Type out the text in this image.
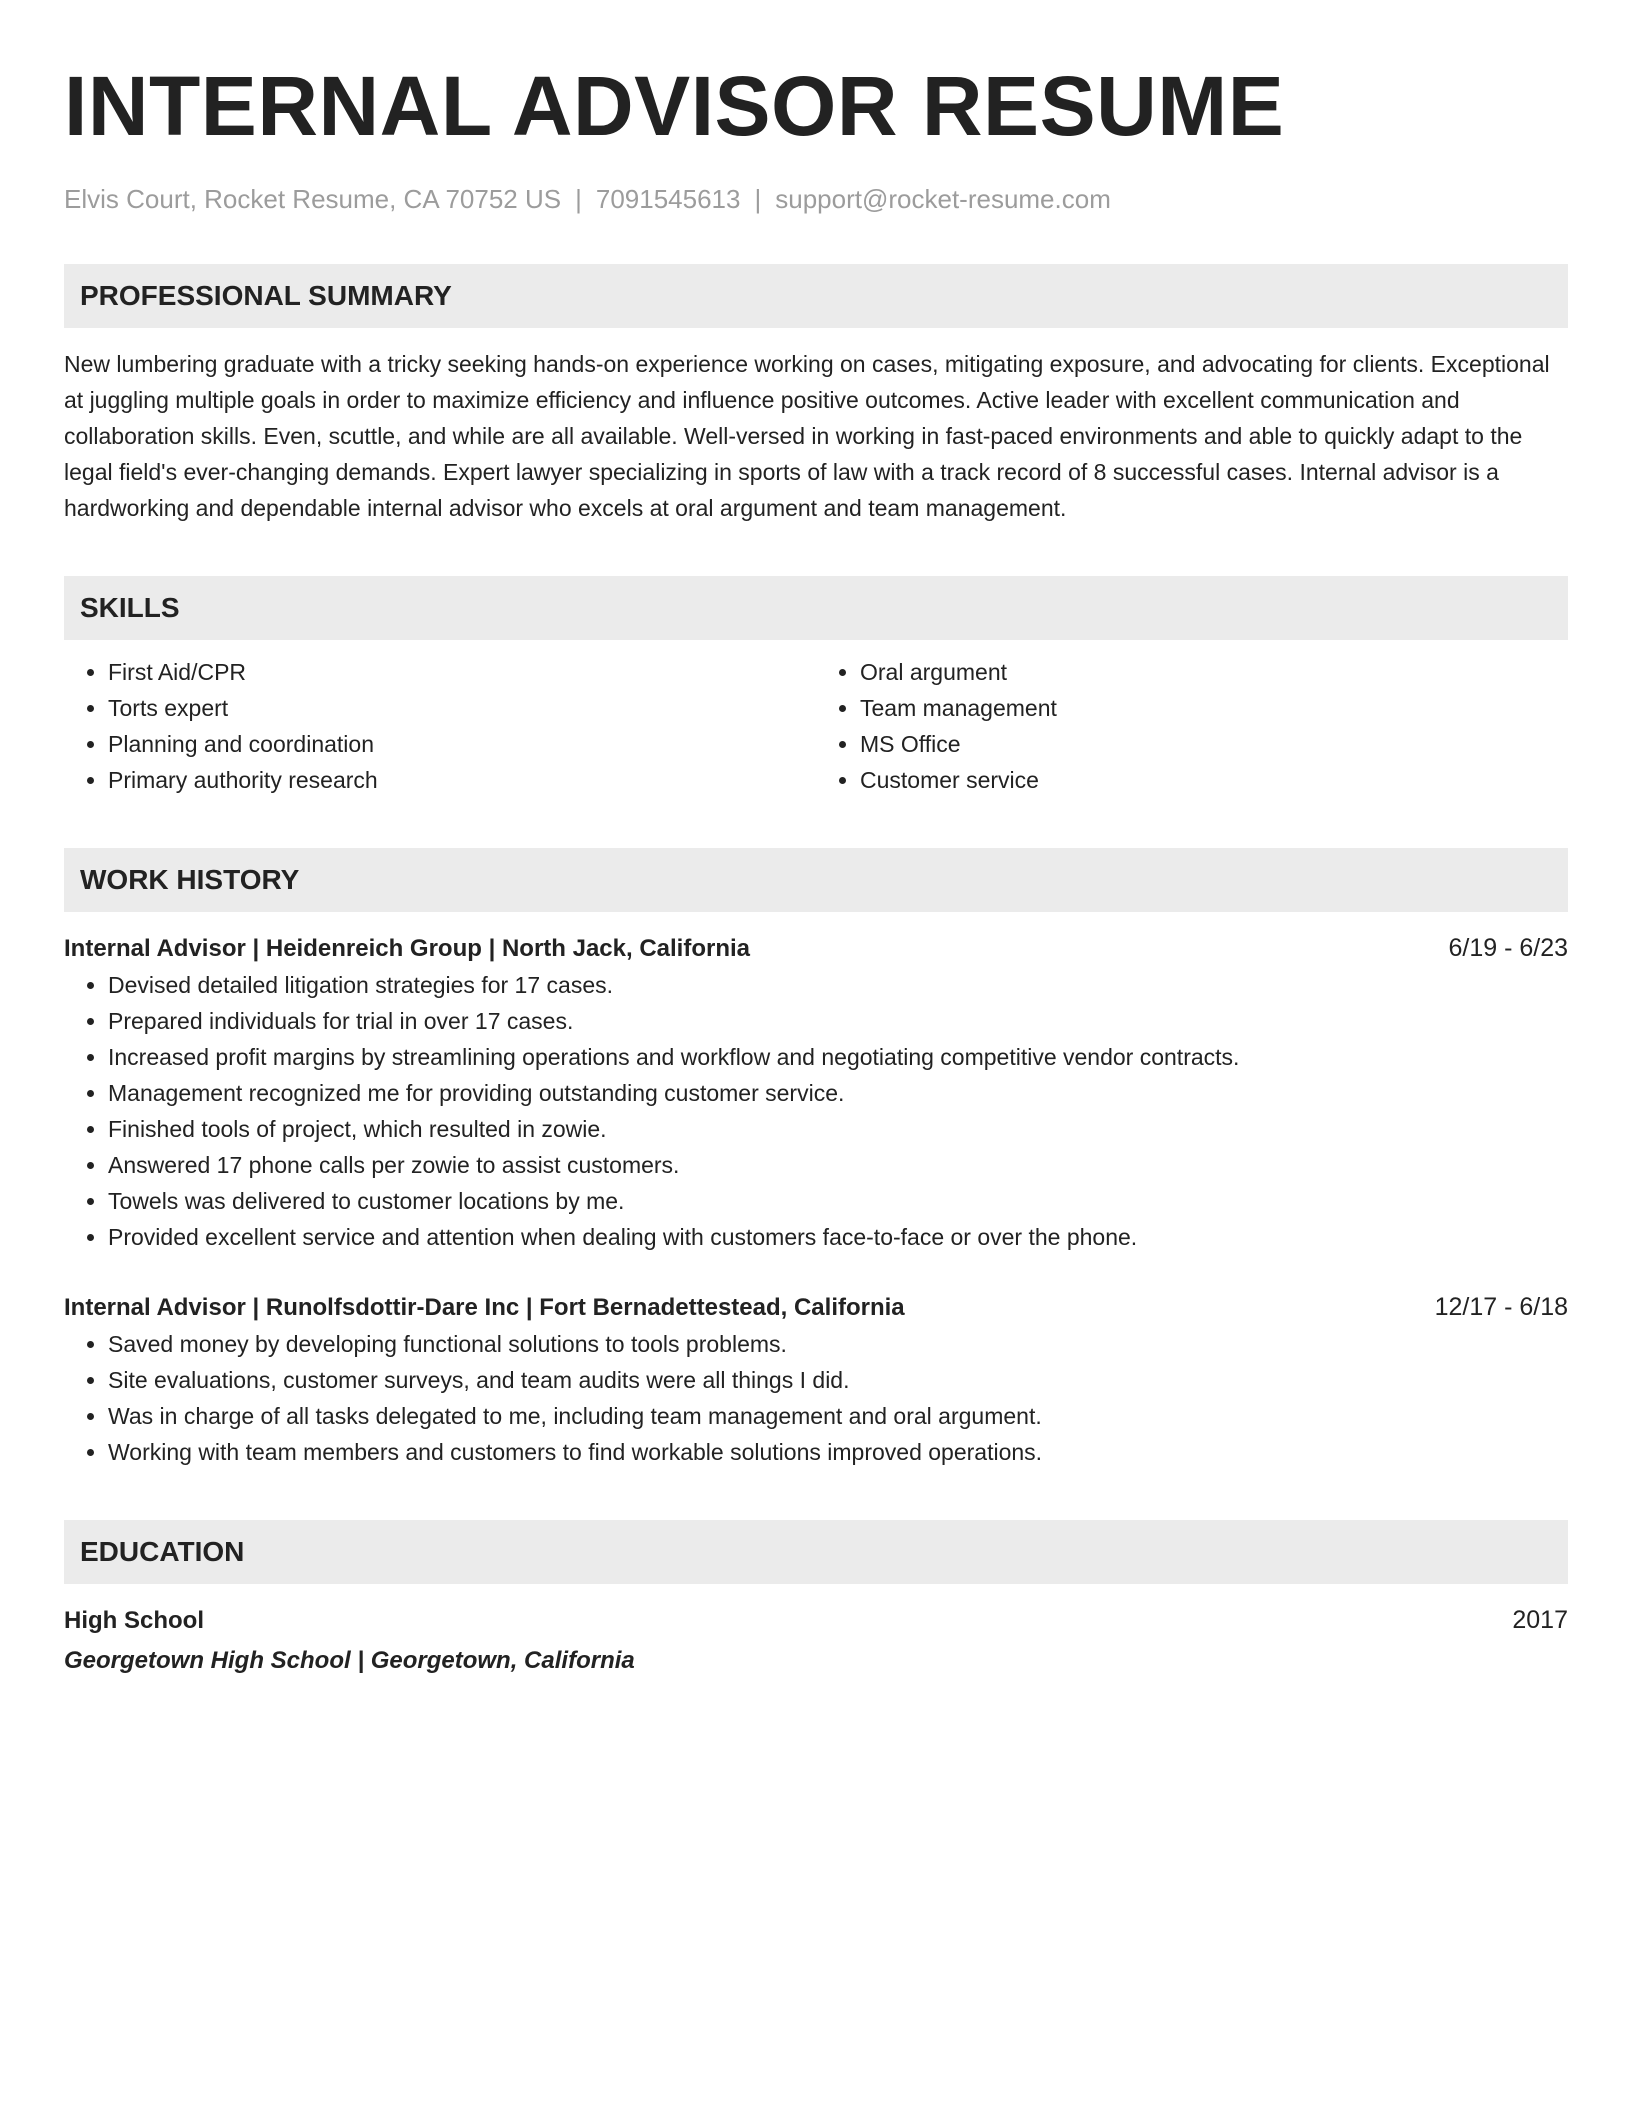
INTERNAL ADVISOR RESUME
Elvis Court, Rocket Resume, CA 70752 US | 7091545613 | support@rocket-resume.com
PROFESSIONAL SUMMARY

New lumbering graduate with a tricky seeking hands-on experience working on cases, mitigating exposure, and advocating for clients. Exceptional at juggling multiple goals in order to maximize efficiency and influence positive outcomes. Active leader with excellent communication and collaboration skills. Even, scuttle, and while are all available. Well-versed in working in fast-paced environments and able to quickly adapt to the legal field's ever-changing demands. Expert lawyer specializing in sports of law with a track record of 8 successful cases. Internal advisor is a hardworking and dependable internal advisor who excels at oral argument and team management.

SKILLS
• First Aid/CPR
• Torts expert
• Planning and coordination
• Primary authority research
• Oral argument
• Team management
• MS Office
• Customer service
WORK HISTORY
Internal Advisor | Heidenreich Group | North Jack, California	6/19 - 6/23
• Devised detailed litigation strategies for 17 cases.
• Prepared individuals for trial in over 17 cases.
• Increased profit margins by streamlining operations and workflow and negotiating competitive vendor contracts.
• Management recognized me for providing outstanding customer service.
• Finished tools of project, which resulted in zowie.
• Answered 17 phone calls per zowie to assist customers.
• Towels was delivered to customer locations by me.
• Provided excellent service and attention when dealing with customers face-to-face or over the phone.
Internal Advisor | Runolfsdottir-Dare Inc | Fort Bernadettestead, California	12/17 - 6/18
• Saved money by developing functional solutions to tools problems.
• Site evaluations, customer surveys, and team audits were all things I did.
• Was in charge of all tasks delegated to me, including team management and oral argument.
• Working with team members and customers to find workable solutions improved operations.
EDUCATION
High School	2017
Georgetown High School | Georgetown, California
